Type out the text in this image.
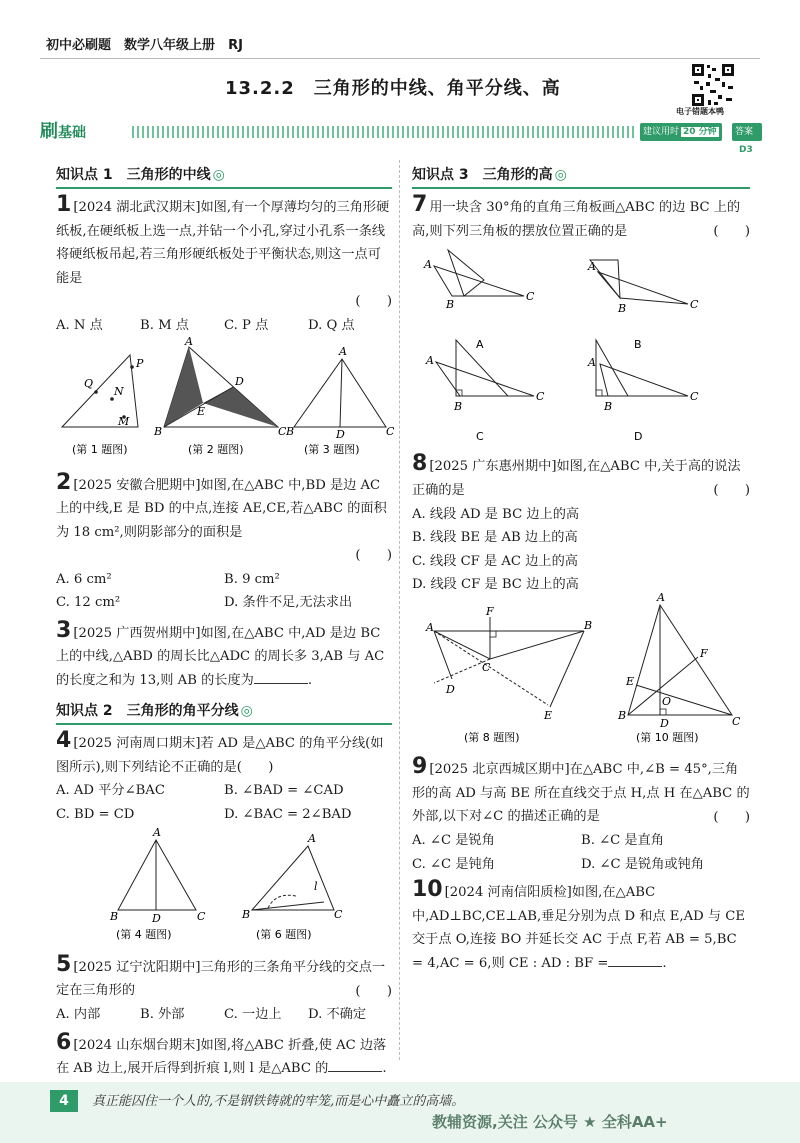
初中必刷题　 数学八年级上册　 RJ
13.2.2　三角形的中线、角平分线、高
电子错题本鸭
刷基础	建议用时 20 分钟	答案D3
知识点 1　三角形的中线 ◎

1 [2024 湖北武汉期末]如图,有一个厚薄均匀的三角形硬纸板,在硬纸板上选一点,并钻一个小孔,穿过小孔系一条线将硬纸板吊起,若三角形硬纸板处于平衡状态,则这一点可能是

(　　)

A. N 点	B. M 点	C. P 点	D. Q 点
P
Q
N
M
(第 1 题图)
A
B	C
D
E
(第 2 题图)
A
B	D	C
(第 3 题图)

2 [2025 安徽合肥期中]如图,在△ABC 中,BD 是边 AC 上的中线,E 是 BD 的中点,连接 AE,CE,若△ABC 的面积为 18 cm²,则阴影部分的面积是

(　　)

A. 6 cm²	B. 9 cm²
C. 12 cm²	D. 条件不足,无法求出

3 [2025 广西贺州期中]如图,在△ABC 中,AD 是边 BC 上的中线,△ABD 的周长比△ADC 的周长多 3,AB 与 AC 的长度之和为 13,则 AB 的长度为	.

知识点 2　三角形的角平分线 ◎

4 [2025 河南周口期末]若 AD 是△ABC 的角平分线(如图所示),则下列结论不正确的是(　　)

A. AD 平分∠BAC	B. ∠BAD = ∠CAD
C. BD = CD	D. ∠BAC = 2∠BAD
A
B	D	C
(第 4 题图)
A
B	C
l
(第 6 题图)

5 [2025 辽宁沈阳期中]三角形的三条角平分线的交点一定在三角形的	(　　)

A. 内部	B. 外部	C. 一边上	D. 不确定

6 [2024 山东烟台期末]如图,将△ABC 折叠,使 AC 边落在 AB 边上,展开后得到折痕 l,则 l 是△ABC 的	.

知识点 3　三角形的高 ◎

7 用一块含 30°角的直角三角板画△ABC 的边 BC 上的高,则下列三角板的摆放位置正确的是	(　　)

A
B
C
A
A
B	C
B
A
B
C
C
A
B
C
D

8 [2025 广东惠州期中]如图,在△ABC 中,关于高的说法正确的是	(　　)

A. 线段 AD 是 BC 边上的高
B. 线段 BE 是 AB 边上的高
C. 线段 CF 是 AC 边上的高
D. 线段 CF 是 BC 边上的高
A	B
F
C
D
E
(第 8 题图)
A
B	C
D
E
F
O
(第 10 题图)

9 [2025 北京西城区期中]在△ABC 中,∠B = 45°,三角形的高 AD 与高 BE 所在直线交于点 H,点 H 在△ABC 的外部,以下对∠C 的描述正确的是	(　　)

A. ∠C 是锐角	B. ∠C 是直角
C. ∠C 是钝角	D. ∠C 是锐角或钝角

10 [2024 河南信阳质检]如图,在△ABC 中,AD⊥BC,CE⊥AB,垂足分别为点 D 和点 E,AD 与 CE 交于点 O,连接 BO 并延长交 AC 于点 F,若 AB = 5,BC = 4,AC = 6,则 CE : AD : BF =	.

4	真正能囚住一个人的,不是钢铁铸就的牢笼,而是心中矗立的高墙。
教辅资源,关注 公众号 ★ 全科AA+
